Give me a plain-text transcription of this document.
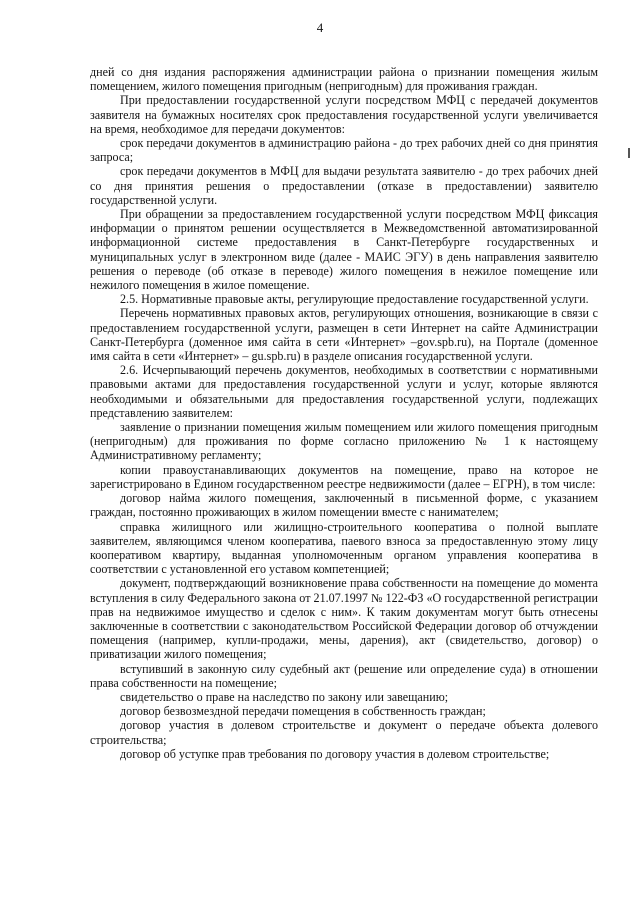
4

дней со дня издания распоряжения администрации района о признании помещения жилым помещением, жилого помещения пригодным (непригодным) для проживания граждан.

При предоставлении государственной услуги посредством МФЦ с передачей документов заявителя на бумажных носителях срок предоставления государственной услуги увеличивается на время, необходимое для передачи документов:

срок передачи документов в администрацию района - до трех рабочих дней со дня принятия запроса;

срок передачи документов в МФЦ для выдачи результата заявителю - до трех рабочих дней со дня принятия решения о предоставлении (отказе в предоставлении) заявителю государственной услуги.

При обращении за предоставлением государственной услуги посредством МФЦ фиксация информации о принятом решении осуществляется в Межведомственной автоматизированной информационной системе предоставления в Санкт-Петербурге государственных и муниципальных услуг в электронном виде (далее - МАИС ЭГУ) в день направления заявителю решения о переводе (об отказе в переводе) жилого помещения в нежилое помещение или нежилого помещения в жилое помещение.

2.5. Нормативные правовые акты, регулирующие предоставление государственной услуги.

Перечень нормативных правовых актов, регулирующих отношения, возникающие в связи с предоставлением государственной услуги, размещен в сети Интернет на сайте Администрации Санкт-Петербурга (доменное имя сайта в сети «Интернет» –gov.spb.ru), на Портале (доменное имя сайта в сети «Интернет» – gu.spb.ru) в разделе описания государственной услуги.

2.6. Исчерпывающий перечень документов, необходимых в соответствии с нормативными правовыми актами для предоставления государственной услуги и услуг, которые являются необходимыми и обязательными для предоставления государственной услуги, подлежащих представлению заявителем:

заявление о признании помещения жилым помещением или жилого помещения пригодным (непригодным) для проживания по форме согласно приложению № 1 к настоящему Административному регламенту;

копии правоустанавливающих документов на помещение, право на которое не зарегистрировано в Едином государственном реестре недвижимости (далее – ЕГРН), в том числе:

договор найма жилого помещения, заключенный в письменной форме, с указанием граждан, постоянно проживающих в жилом помещении вместе с нанимателем;

справка жилищного или жилищно-строительного кооператива о полной выплате заявителем, являющимся членом кооператива, паевого взноса за предоставленную этому лицу кооперативом квартиру, выданная уполномоченным органом управления кооператива в соответствии с установленной его уставом компетенцией;

документ, подтверждающий возникновение права собственности на помещение до момента вступления в силу Федерального закона от 21.07.1997 № 122-ФЗ «О государственной регистрации прав на недвижимое имущество и сделок с ним». К таким документам могут быть отнесены заключенные в соответствии с законодательством Российской Федерации договор об отчуждении помещения (например, купли-продажи, мены, дарения), акт (свидетельство, договор) о приватизации жилого помещения;

вступивший в законную силу судебный акт (решение или определение суда) в отношении права собственности на помещение;

свидетельство о праве на наследство по закону или завещанию;

договор безвозмездной передачи помещения в собственность граждан;

договор участия в долевом строительстве и документ о передаче объекта долевого строительства;

договор об уступке прав требования по договору участия в долевом строительстве;
